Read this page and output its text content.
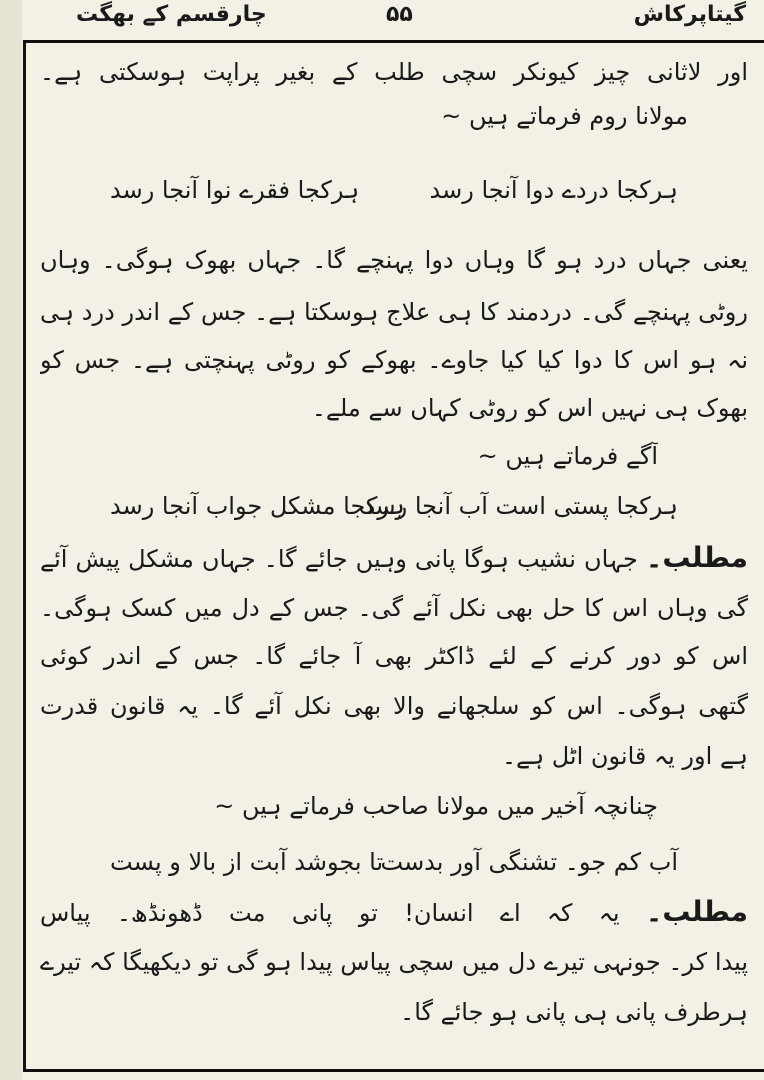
گیتاپرکاش
۵۵
چارقسم کے بھگت
اور لاثانی چیز کیونکر سچی طلب کے بغیر پراپت ہوسکتی ہے۔
مولانا روم فرماتے ہیں ~
ہرکجا دردے دوا آنجا رسد
ہرکجا فقرے نوا آنجا رسد
یعنی جہاں درد ہو گا وہاں دوا پہنچے گا۔ جہاں بھوک ہوگی۔ وہاں
روٹی پہنچے گی۔ دردمند کا ہی علاج ہوسکتا ہے۔ جس کے اندر درد ہی
نہ ہو اس کا دوا کیا کیا جاوے۔ بھوکے کو روٹی پہنچتی ہے۔ جس کو
بھوک ہی نہیں اس کو روٹی کہاں سے ملے۔
آگے فرماتے ہیں ~
ہرکجا پستی است آب آنجا رسد
ہرکجا مشکل جواب آنجا رسد
مطلب۔ جہاں نشیب ہوگا پانی وہیں جائے گا۔ جہاں مشکل پیش آئے
گی وہاں اس کا حل بھی نکل آئے گی۔ جس کے دل میں کسک ہوگی۔
اس کو دور کرنے کے لئے ڈاکٹر بھی آ جائے گا۔ جس کے اندر کوئی
گتھی ہوگی۔ اس کو سلجھانے والا بھی نکل آئے گا۔ یہ قانون قدرت
ہے اور یہ قانون اٹل ہے۔
چنانچہ آخیر میں مولانا صاحب فرماتے ہیں ~
آب کم جو۔ تشنگی آور بدست
تا بجوشد آبت از بالا و پست
مطلب۔ یہ کہ اے انسان! تو پانی مت ڈھونڈھ۔ پیاس
پیدا کر۔ جونہی تیرے دل میں سچی پیاس پیدا ہو گی تو دیکھیگا کہ تیرے
ہرطرف پانی ہی پانی ہو جائے گا۔
